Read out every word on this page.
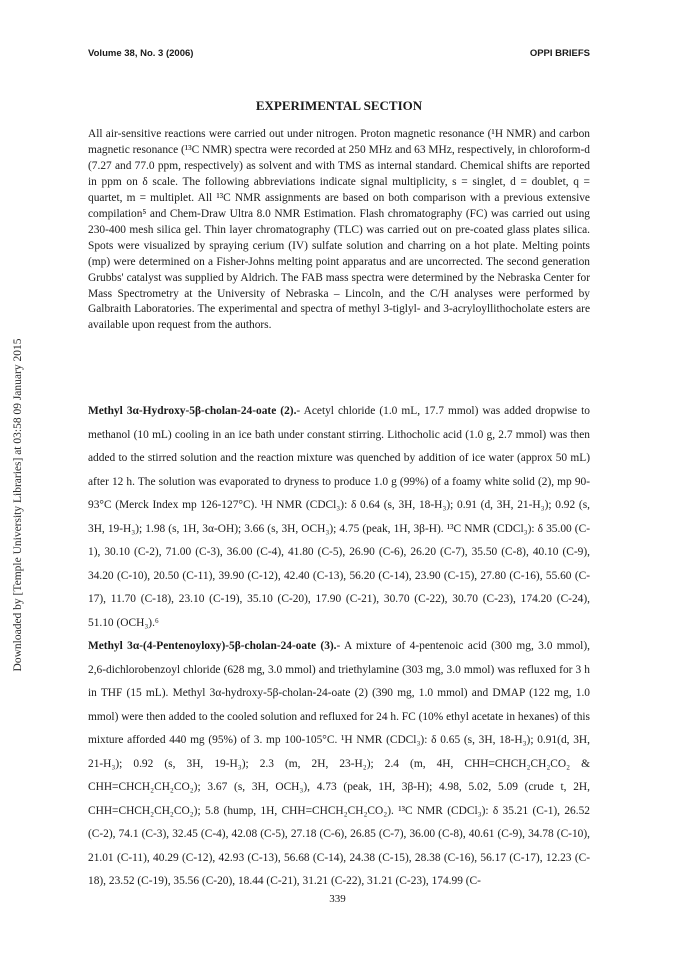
Volume 38, No. 3 (2006)	OPPI BRIEFS
Downloaded by [Temple University Libraries] at 03:58 09 January 2015
EXPERIMENTAL SECTION

All air-sensitive reactions were carried out under nitrogen. Proton magnetic resonance (¹H NMR) and carbon magnetic resonance (¹³C NMR) spectra were recorded at 250 MHz and 63 MHz, respectively, in chloroform-d (7.27 and 77.0 ppm, respectively) as solvent and with TMS as internal standard. Chemical shifts are reported in ppm on δ scale. The following abbreviations indicate signal multiplicity, s = singlet, d = doublet, q = quartet, m = multiplet. All ¹³C NMR assignments are based on both comparison with a previous extensive compilation⁵ and Chem-Draw Ultra 8.0 NMR Estimation. Flash chromatography (FC) was carried out using 230-400 mesh silica gel. Thin layer chromatography (TLC) was carried out on pre-coated glass plates silica. Spots were visualized by spraying cerium (IV) sulfate solution and charring on a hot plate. Melting points (mp) were determined on a Fisher-Johns melting point apparatus and are uncorrected. The second generation Grubbs' catalyst was supplied by Aldrich. The FAB mass spectra were determined by the Nebraska Center for Mass Spectrometry at the University of Nebraska – Lincoln, and the C/H analyses were performed by Galbraith Laboratories. The experimental and spectra of methyl 3-tiglyl- and 3-acryloyllithocholate esters are available upon request from the authors.

Methyl 3α-Hydroxy-5β-cholan-24-oate (2).- Acetyl chloride (1.0 mL, 17.7 mmol) was added dropwise to methanol (10 mL) cooling in an ice bath under constant stirring. Lithocholic acid (1.0 g, 2.7 mmol) was then added to the stirred solution and the reaction mixture was quenched by addition of ice water (approx 50 mL) after 12 h. The solution was evaporated to dryness to produce 1.0 g (99%) of a foamy white solid (2), mp 90-93°C (Merck Index mp 126-127°C). ¹H NMR (CDCl₃): δ 0.64 (s, 3H, 18-H₃); 0.91 (d, 3H, 21-H₃); 0.92 (s, 3H, 19-H₃); 1.98 (s, 1H, 3α-OH); 3.66 (s, 3H, OCH₃); 4.75 (peak, 1H, 3β-H). ¹³C NMR (CDCl₃): δ 35.00 (C-1), 30.10 (C-2), 71.00 (C-3), 36.00 (C-4), 41.80 (C-5), 26.90 (C-6), 26.20 (C-7), 35.50 (C-8), 40.10 (C-9), 34.20 (C-10), 20.50 (C-11), 39.90 (C-12), 42.40 (C-13), 56.20 (C-14), 23.90 (C-15), 27.80 (C-16), 55.60 (C-17), 11.70 (C-18), 23.10 (C-19), 35.10 (C-20), 17.90 (C-21), 30.70 (C-22), 30.70 (C-23), 174.20 (C-24), 51.10 (OCH₃).⁶
Methyl 3α-(4-Pentenoyloxy)-5β-cholan-24-oate (3).- A mixture of 4-pentenoic acid (300 mg, 3.0 mmol), 2,6-dichlorobenzoyl chloride (628 mg, 3.0 mmol) and triethylamine (303 mg, 3.0 mmol) was refluxed for 3 h in THF (15 mL). Methyl 3α-hydroxy-5β-cholan-24-oate (2) (390 mg, 1.0 mmol) and DMAP (122 mg, 1.0 mmol) were then added to the cooled solution and refluxed for 24 h. FC (10% ethyl acetate in hexanes) of this mixture afforded 440 mg (95%) of 3. mp 100-105°C. ¹H NMR (CDCl₃): δ 0.65 (s, 3H, 18-H₃); 0.91(d, 3H, 21-H₃); 0.92 (s, 3H, 19-H₃); 2.3 (m, 2H, 23-H₂); 2.4 (m, 4H, CHH=CHCH₂CH₂CO₂ & CHH=CHCH₂CH₂CO₂); 3.67 (s, 3H, OCH₃), 4.73 (peak, 1H, 3β-H); 4.98, 5.02, 5.09 (crude t, 2H, CHH=CHCH₂CH₂CO₂); 5.8 (hump, 1H, CHH=CHCH₂CH₂CO₂). ¹³C NMR (CDCl₃): δ 35.21 (C-1), 26.52 (C-2), 74.1 (C-3), 32.45 (C-4), 42.08 (C-5), 27.18 (C-6), 26.85 (C-7), 36.00 (C-8), 40.61 (C-9), 34.78 (C-10), 21.01 (C-11), 40.29 (C-12), 42.93 (C-13), 56.68 (C-14), 24.38 (C-15), 28.38 (C-16), 56.17 (C-17), 12.23 (C-18), 23.52 (C-19), 35.56 (C-20), 18.44 (C-21), 31.21 (C-22), 31.21 (C-23), 174.99 (C-
339
